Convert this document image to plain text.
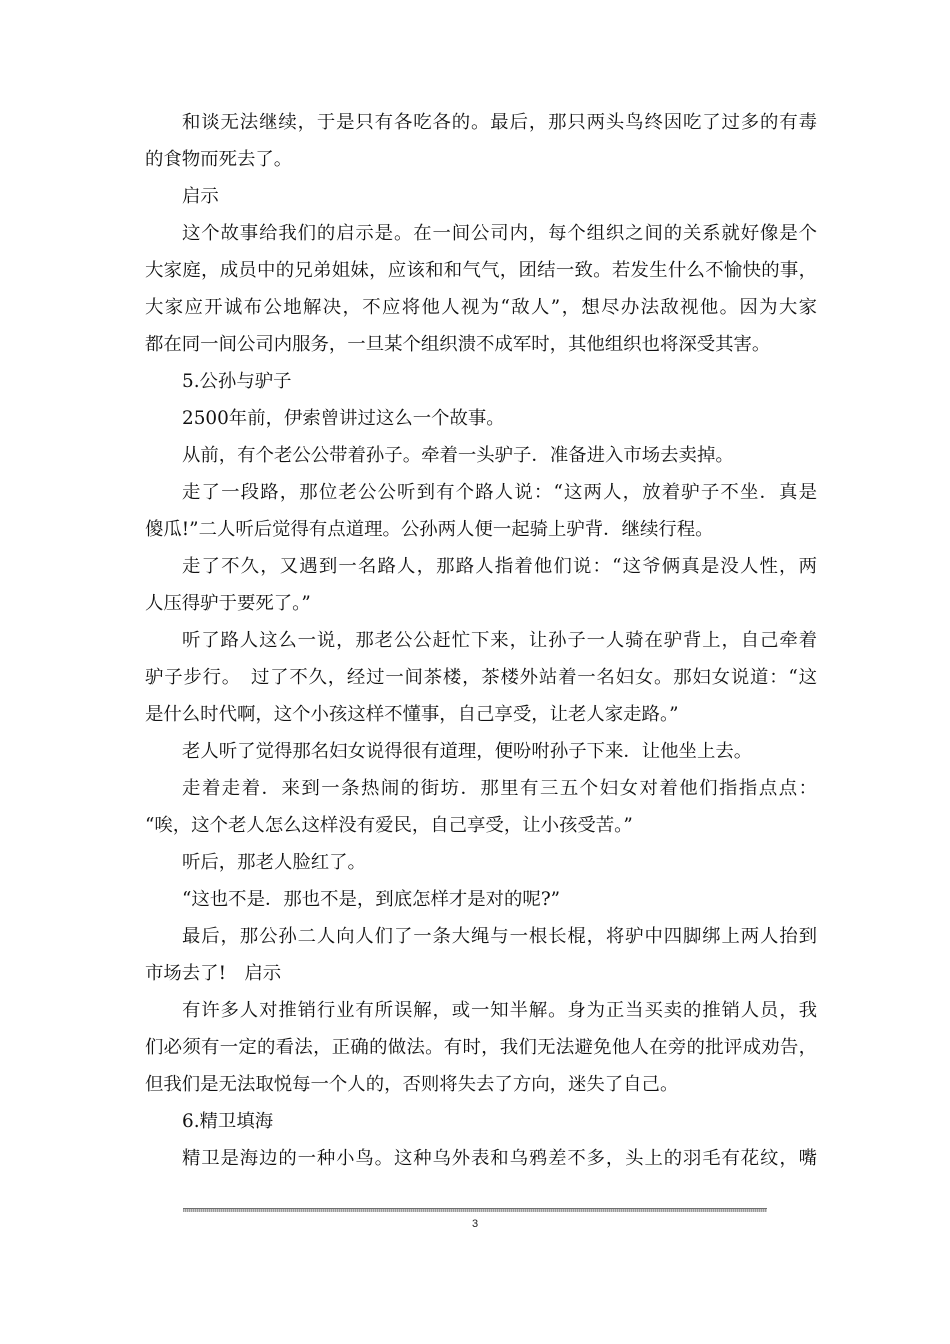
和谈无法继续，于是只有各吃各的。最后，那只两头鸟终因吃了过多的有毒
的食物而死去了。
启示
这个故事给我们的启示是。在一间公司内，每个组织之间的关系就好像是个
大家庭，成员中的兄弟姐妹，应该和和气气，团结一致。若发生什么不愉快的事，
大家应开诚布公地解决，不应将他人视为“敌人”，想尽办法敌视他。因为大家
都在同一间公司内服务，一旦某个组织溃不成军时，其他组织也将深受其害。
5.公孙与驴子
2500年前，伊索曾讲过这么一个故事。
从前，有个老公公带着孙子。牵着一头驴子．准备进入市场去卖掉。
走了一段路，那位老公公听到有个路人说：“这两人，放着驴子不坐．真是
傻瓜!”二人听后觉得有点道理。公孙两人便一起骑上驴背．继续行程。
走了不久，又遇到一名路人，那路人指着他们说：“这爷俩真是没人性，两
人压得驴于要死了。”
听了路人这么一说，那老公公赶忙下来，让孙子一人骑在驴背上，自己牵着
驴子步行。　过了不久，经过一间茶楼，茶楼外站着一名妇女。那妇女说道：“这
是什么时代啊，这个小孩这样不懂事，自己享受，让老人家走路。”
老人听了觉得那名妇女说得很有道理，便吩咐孙子下来．让他坐上去。
走着走着．来到一条热闹的街坊．那里有三五个妇女对着他们指指点点：
“唉，这个老人怎么这样没有爱民，自己享受，让小孩受苦。”
听后，那老人脸红了。
“这也不是．那也不是，到底怎样才是对的呢?”
最后，那公孙二人向人们了一条大绳与一根长棍，将驴中四脚绑上两人抬到
市场去了!　启示
有许多人对推销行业有所误解，或一知半解。身为正当买卖的推销人员，我
们必须有一定的看法，正确的做法。有时，我们无法避免他人在旁的批评成劝告，
但我们是无法取悦每一个人的，否则将失去了方向，迷失了自己。
6.精卫填海
精卫是海边的一种小鸟。这种乌外表和乌鸦差不多，头上的羽毛有花纹，嘴
3
